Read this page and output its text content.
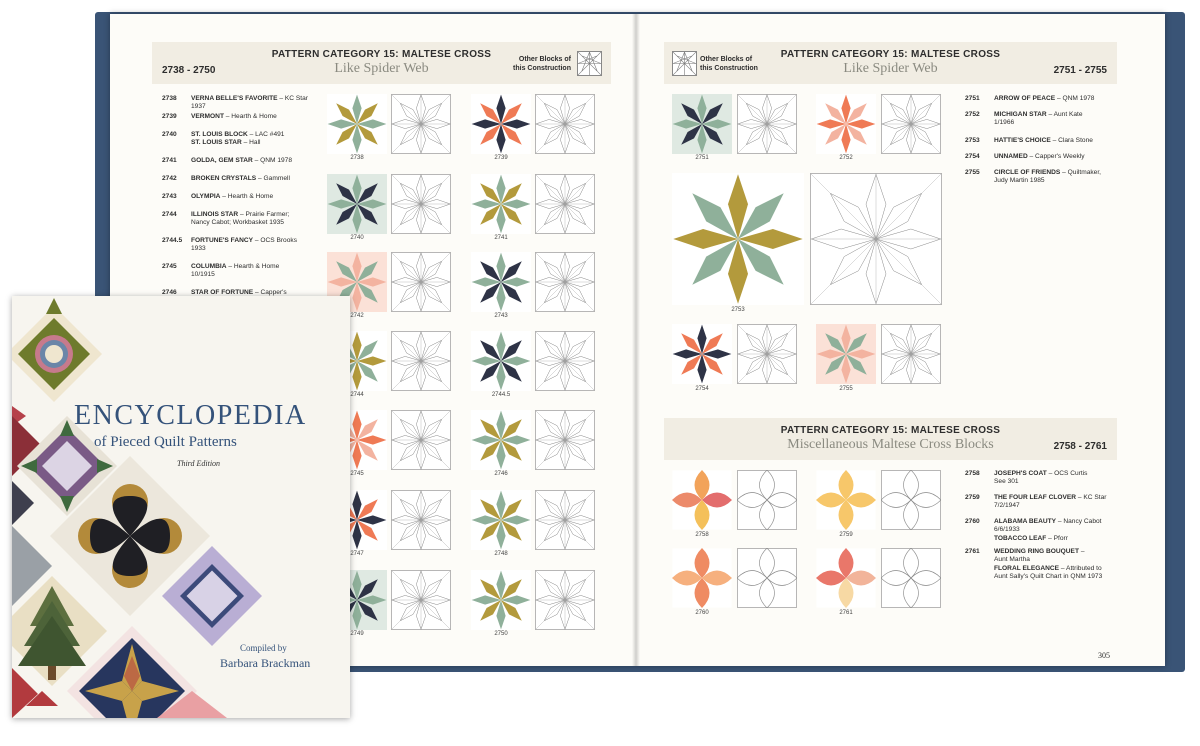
PATTERN CATEGORY 15: MALTESE CROSS
Like Spider Web
2738 - 2750
Other Blocks of
this Construction
2738 VERNA BELLE'S FAVORITE – KC Star
1937
2739 VERMONT – Hearth & Home
2740 ST. LOUIS BLOCK – LAC #491
ST. LOUIS STAR – Hall
2741 GOLDA, GEM STAR – QNM 1978
2742 BROKEN CRYSTALS – Gammell
2743 OLYMPIA – Hearth & Home
2744 ILLINOIS STAR – Prairie Farmer;
Nancy Cabot; Workbasket 1935
2744.5 FORTUNE'S FANCY – OCS Brooks
1933
2745 COLUMBIA – Hearth & Home
10/1915
2746 STAR OF FORTUNE – Capper's
2738	2739
2740	2741
2742	2743
2744	2744.5
2745	2746
2747	2748
2749	2750
PATTERN CATEGORY 15: MALTESE CROSS
Like Spider Web	2751 - 2755
Other Blocks of
this Construction
2751 ARROW OF PEACE – QNM 1978
2752 MICHIGAN STAR – Aunt Kate
1/1966
2753 HATTIE'S CHOICE – Clara Stone
2754 UNNAMED – Capper's Weekly
2755 CIRCLE OF FRIENDS – Quiltmaker,
Judy Martin 1985
2751	2752
2753
2754	2755
PATTERN CATEGORY 15: MALTESE CROSS
Miscellaneous Maltese Cross Blocks	2758 - 2761
2758 JOSEPH'S COAT – OCS Curtis
See 301
2759 THE FOUR LEAF CLOVER – KC Star
7/2/1947
2760 ALABAMA BEAUTY – Nancy Cabot
6/6/1933
TOBACCO LEAF – Pforr
2761 WEDDING RING BOUQUET –
Aunt Martha
FLORAL ELEGANCE – Attributed to
Aunt Sally's Quilt Chart in QNM 1973
2758	2759
2760	2761
305
ENCYCLOPEDIA
of Pieced Quilt Patterns
Third Edition
Compiled by
Barbara Brackman
